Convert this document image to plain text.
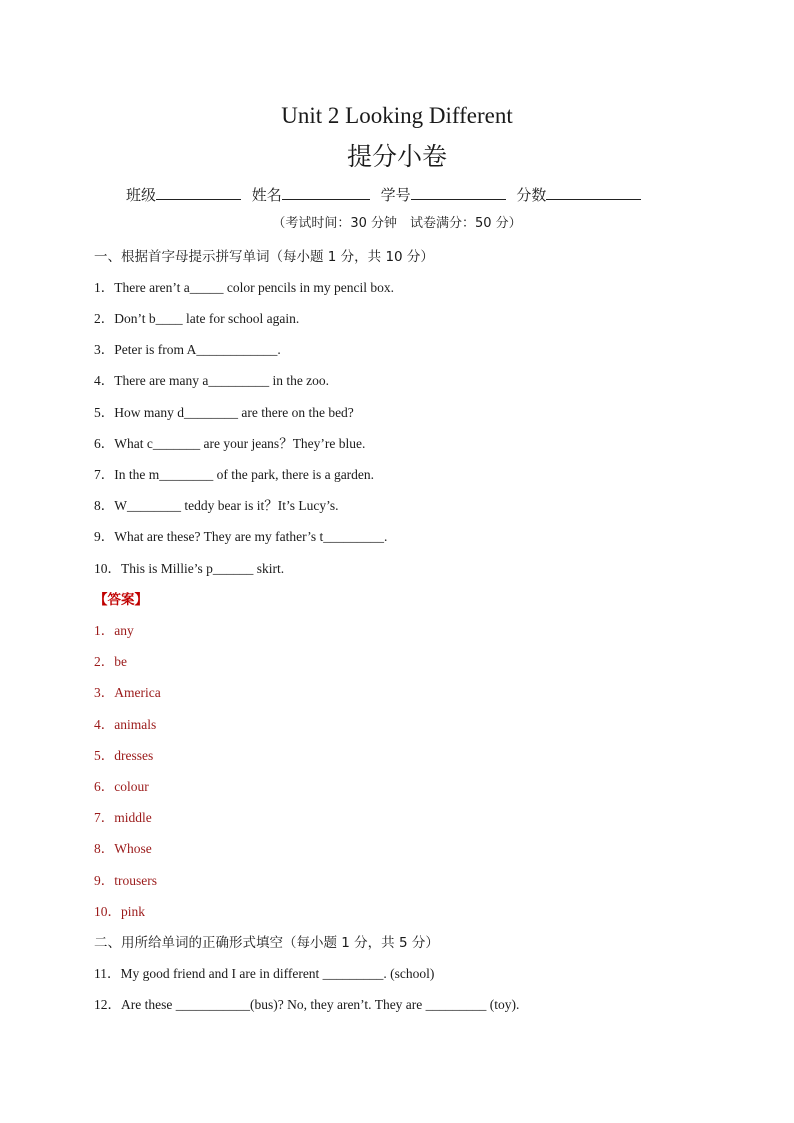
Unit 2 Looking Different
提分小卷
班级	姓名	学号	分数
（考试时间：30 分钟　试卷满分：50 分）
一、根据首字母提示拼写单词（每小题 1 分，共 10 分）
1．There aren’t a_____ color pencils in my pencil box.
2．Don’t b____ late for school again.
3．Peter is from A____________.
4．There are many a_________ in the zoo.
5．How many d________ are there on the bed?
6．What c_______ are your jeans？They’re blue.
7．In the m________ of the park, there is a garden.
8．W________ teddy bear is it？It’s Lucy’s.
9．What are these? They are my father’s t_________.
10．This is Millie’s p______ skirt.
【答案】
1．any
2．be
3．America
4．animals
5．dresses
6．colour
7．middle
8．Whose
9．trousers
10．pink
二、用所给单词的正确形式填空（每小题 1 分，共 5 分）
11．My good friend and I are in different _________. (school)
12．Are these ___________(bus)? No, they aren’t. They are _________ (toy).
